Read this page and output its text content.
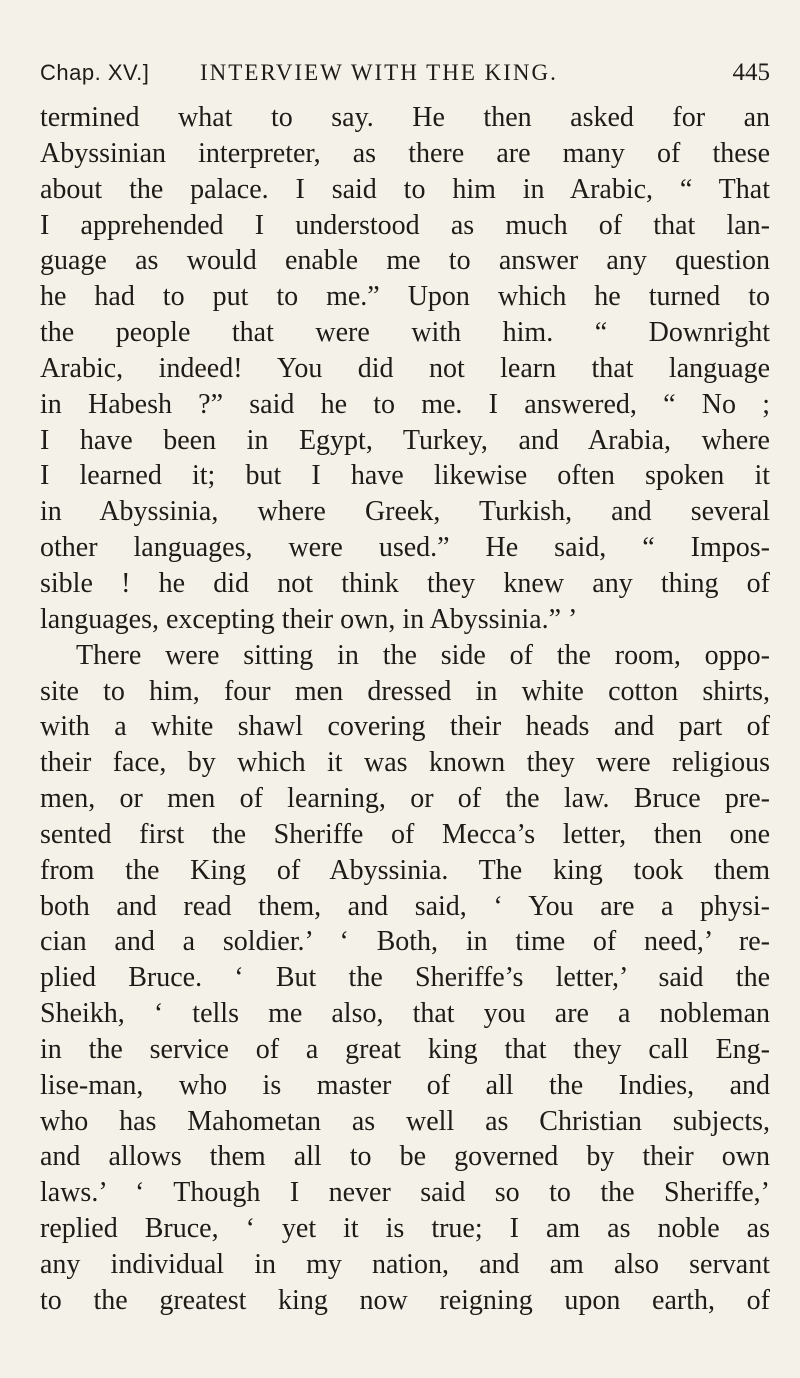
Chap. XV.] INTERVIEW WITH THE KING.	445
termined what to say. He then asked for an
Abyssinian interpreter, as there are many of these
about the palace. I said to him in Arabic, “ That
I apprehended I understood as much of that lan-
guage as would enable me to answer any question
he had to put to me.” Upon which he turned to
the people that were with him. “ Downright
Arabic, indeed! You did not learn that language
in Habesh ?” said he to me. I answered, “ No ;
I have been in Egypt, Turkey, and Arabia, where
I learned it; but I have likewise often spoken it
in Abyssinia, where Greek, Turkish, and several
other languages, were used.” He said, “ Impos-
sible ! he did not think they knew any thing of
languages, excepting their own, in Abyssinia.” ’
There were sitting in the side of the room, oppo-
site to him, four men dressed in white cotton shirts,
with a white shawl covering their heads and part of
their face, by which it was known they were religious
men, or men of learning, or of the law. Bruce pre-
sented first the Sheriffe of Mecca’s letter, then one
from the King of Abyssinia. The king took them
both and read them, and said, ‘ You are a physi-
cian and a soldier.’ ‘ Both, in time of need,’ re-
plied Bruce. ‘ But the Sheriffe’s letter,’ said the
Sheikh, ‘ tells me also, that you are a nobleman
in the service of a great king that they call Eng-
lise-man, who is master of all the Indies, and
who has Mahometan as well as Christian subjects,
and allows them all to be governed by their own
laws.’ ‘ Though I never said so to the Sheriffe,’
replied Bruce, ‘ yet it is true; I am as noble as
any individual in my nation, and am also servant
to the greatest king now reigning upon earth, of
